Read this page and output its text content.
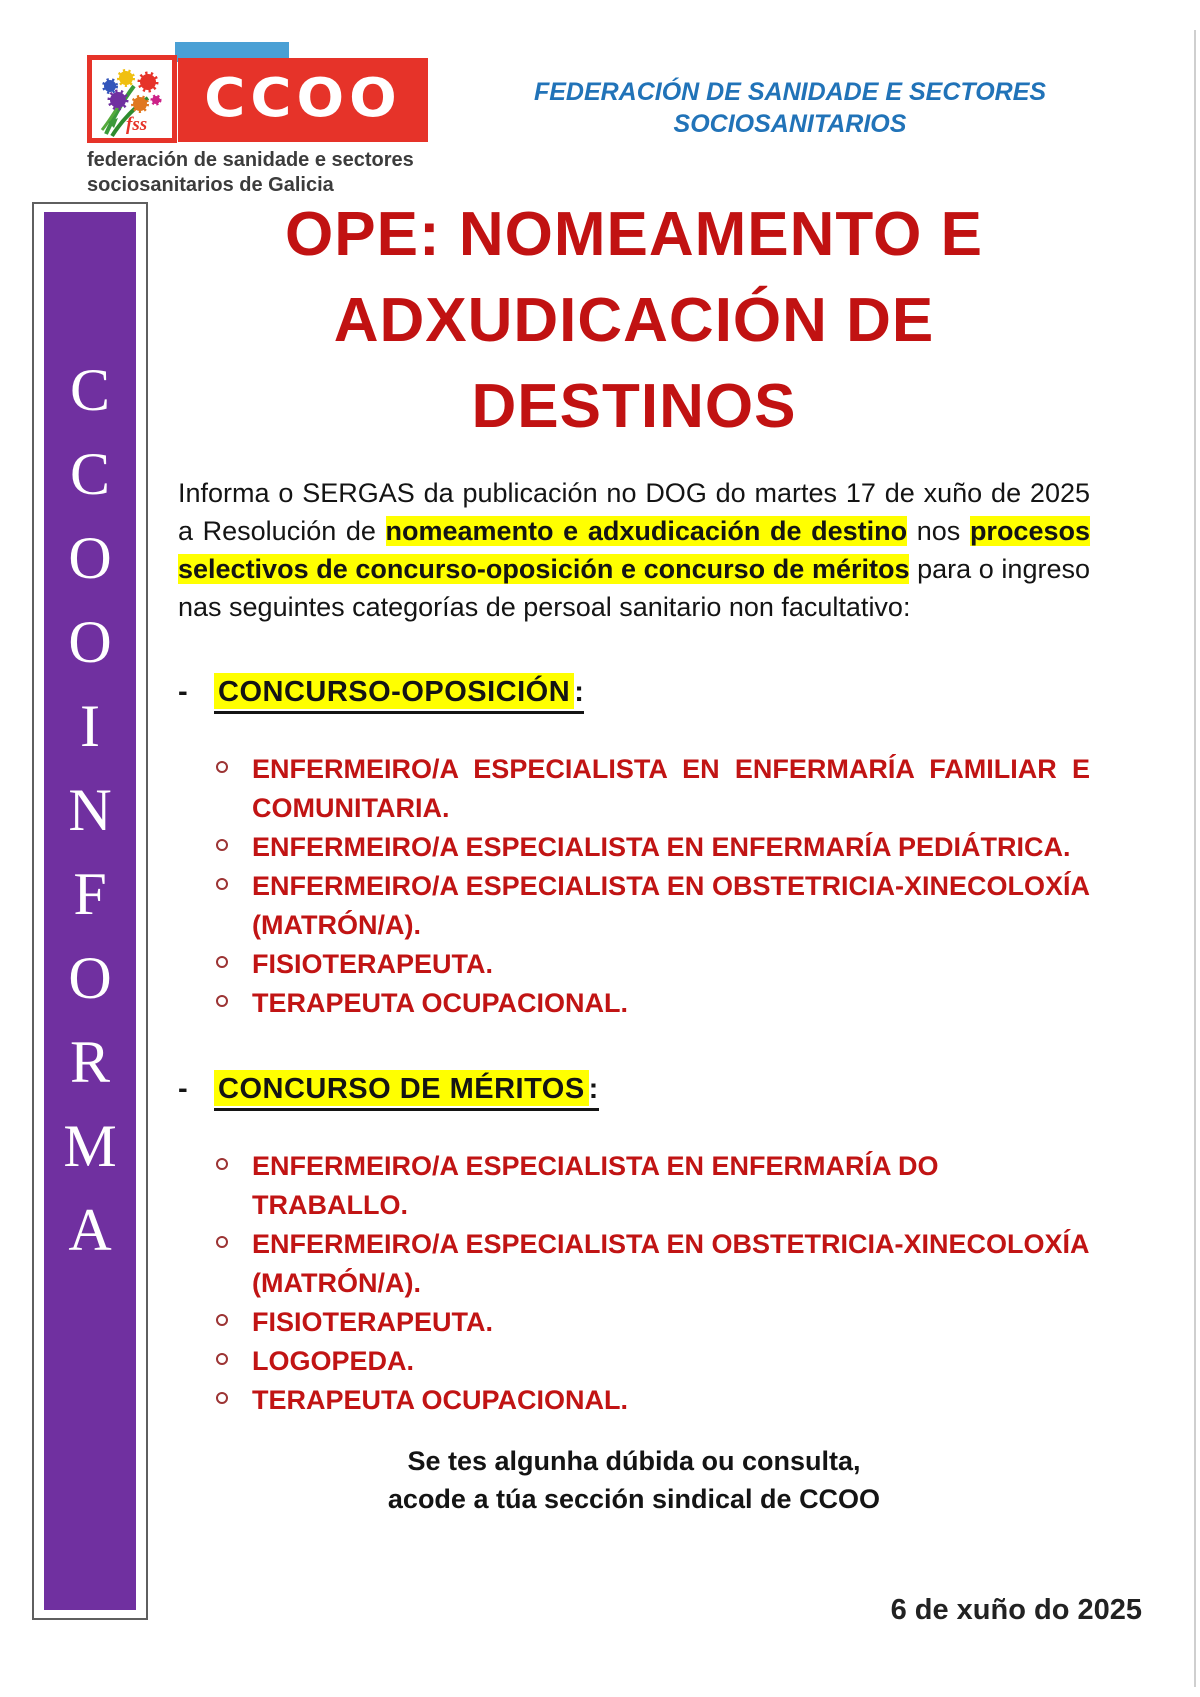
CCOO
fss
federación de sanidade e sectores
sociosanitarios de Galicia
FEDERACIÓN DE SANIDADE E SECTORES
SOCIOSANITARIOS
C
C
O
O
I
N
F
O
R
M
A
OPE: NOMEAMENTO E
ADXUDICACIÓN DE
DESTINOS

Informa o SERGAS da publicación no DOG do martes 17 de xuño de 2025 a Resolución de nomeamento e adxudicación de destino nos procesos selectivos de concurso-oposición e concurso de méritos para o ingreso nas seguintes categorías de persoal sanitario non facultativo:

-	CONCURSO-OPOSICIÓN :
ENFERMEIRO/A ESPECIALISTA EN ENFERMARÍA FAMILIAR E COMUNITARIA.
ENFERMEIRO/A ESPECIALISTA EN ENFERMARÍA PEDIÁTRICA.
ENFERMEIRO/A ESPECIALISTA EN OBSTETRICIA-XINECOLOXÍA (MATRÓN/A).
FISIOTERAPEUTA.
TERAPEUTA OCUPACIONAL.
-	CONCURSO DE MÉRITOS :
ENFERMEIRO/A ESPECIALISTA EN ENFERMARÍA DO TRABALLO.
ENFERMEIRO/A ESPECIALISTA EN OBSTETRICIA-XINECOLOXÍA (MATRÓN/A).
FISIOTERAPEUTA.
LOGOPEDA.
TERAPEUTA OCUPACIONAL.
Se tes algunha dúbida ou consulta,
acode a túa sección sindical de CCOO
6 de xuño do 2025
